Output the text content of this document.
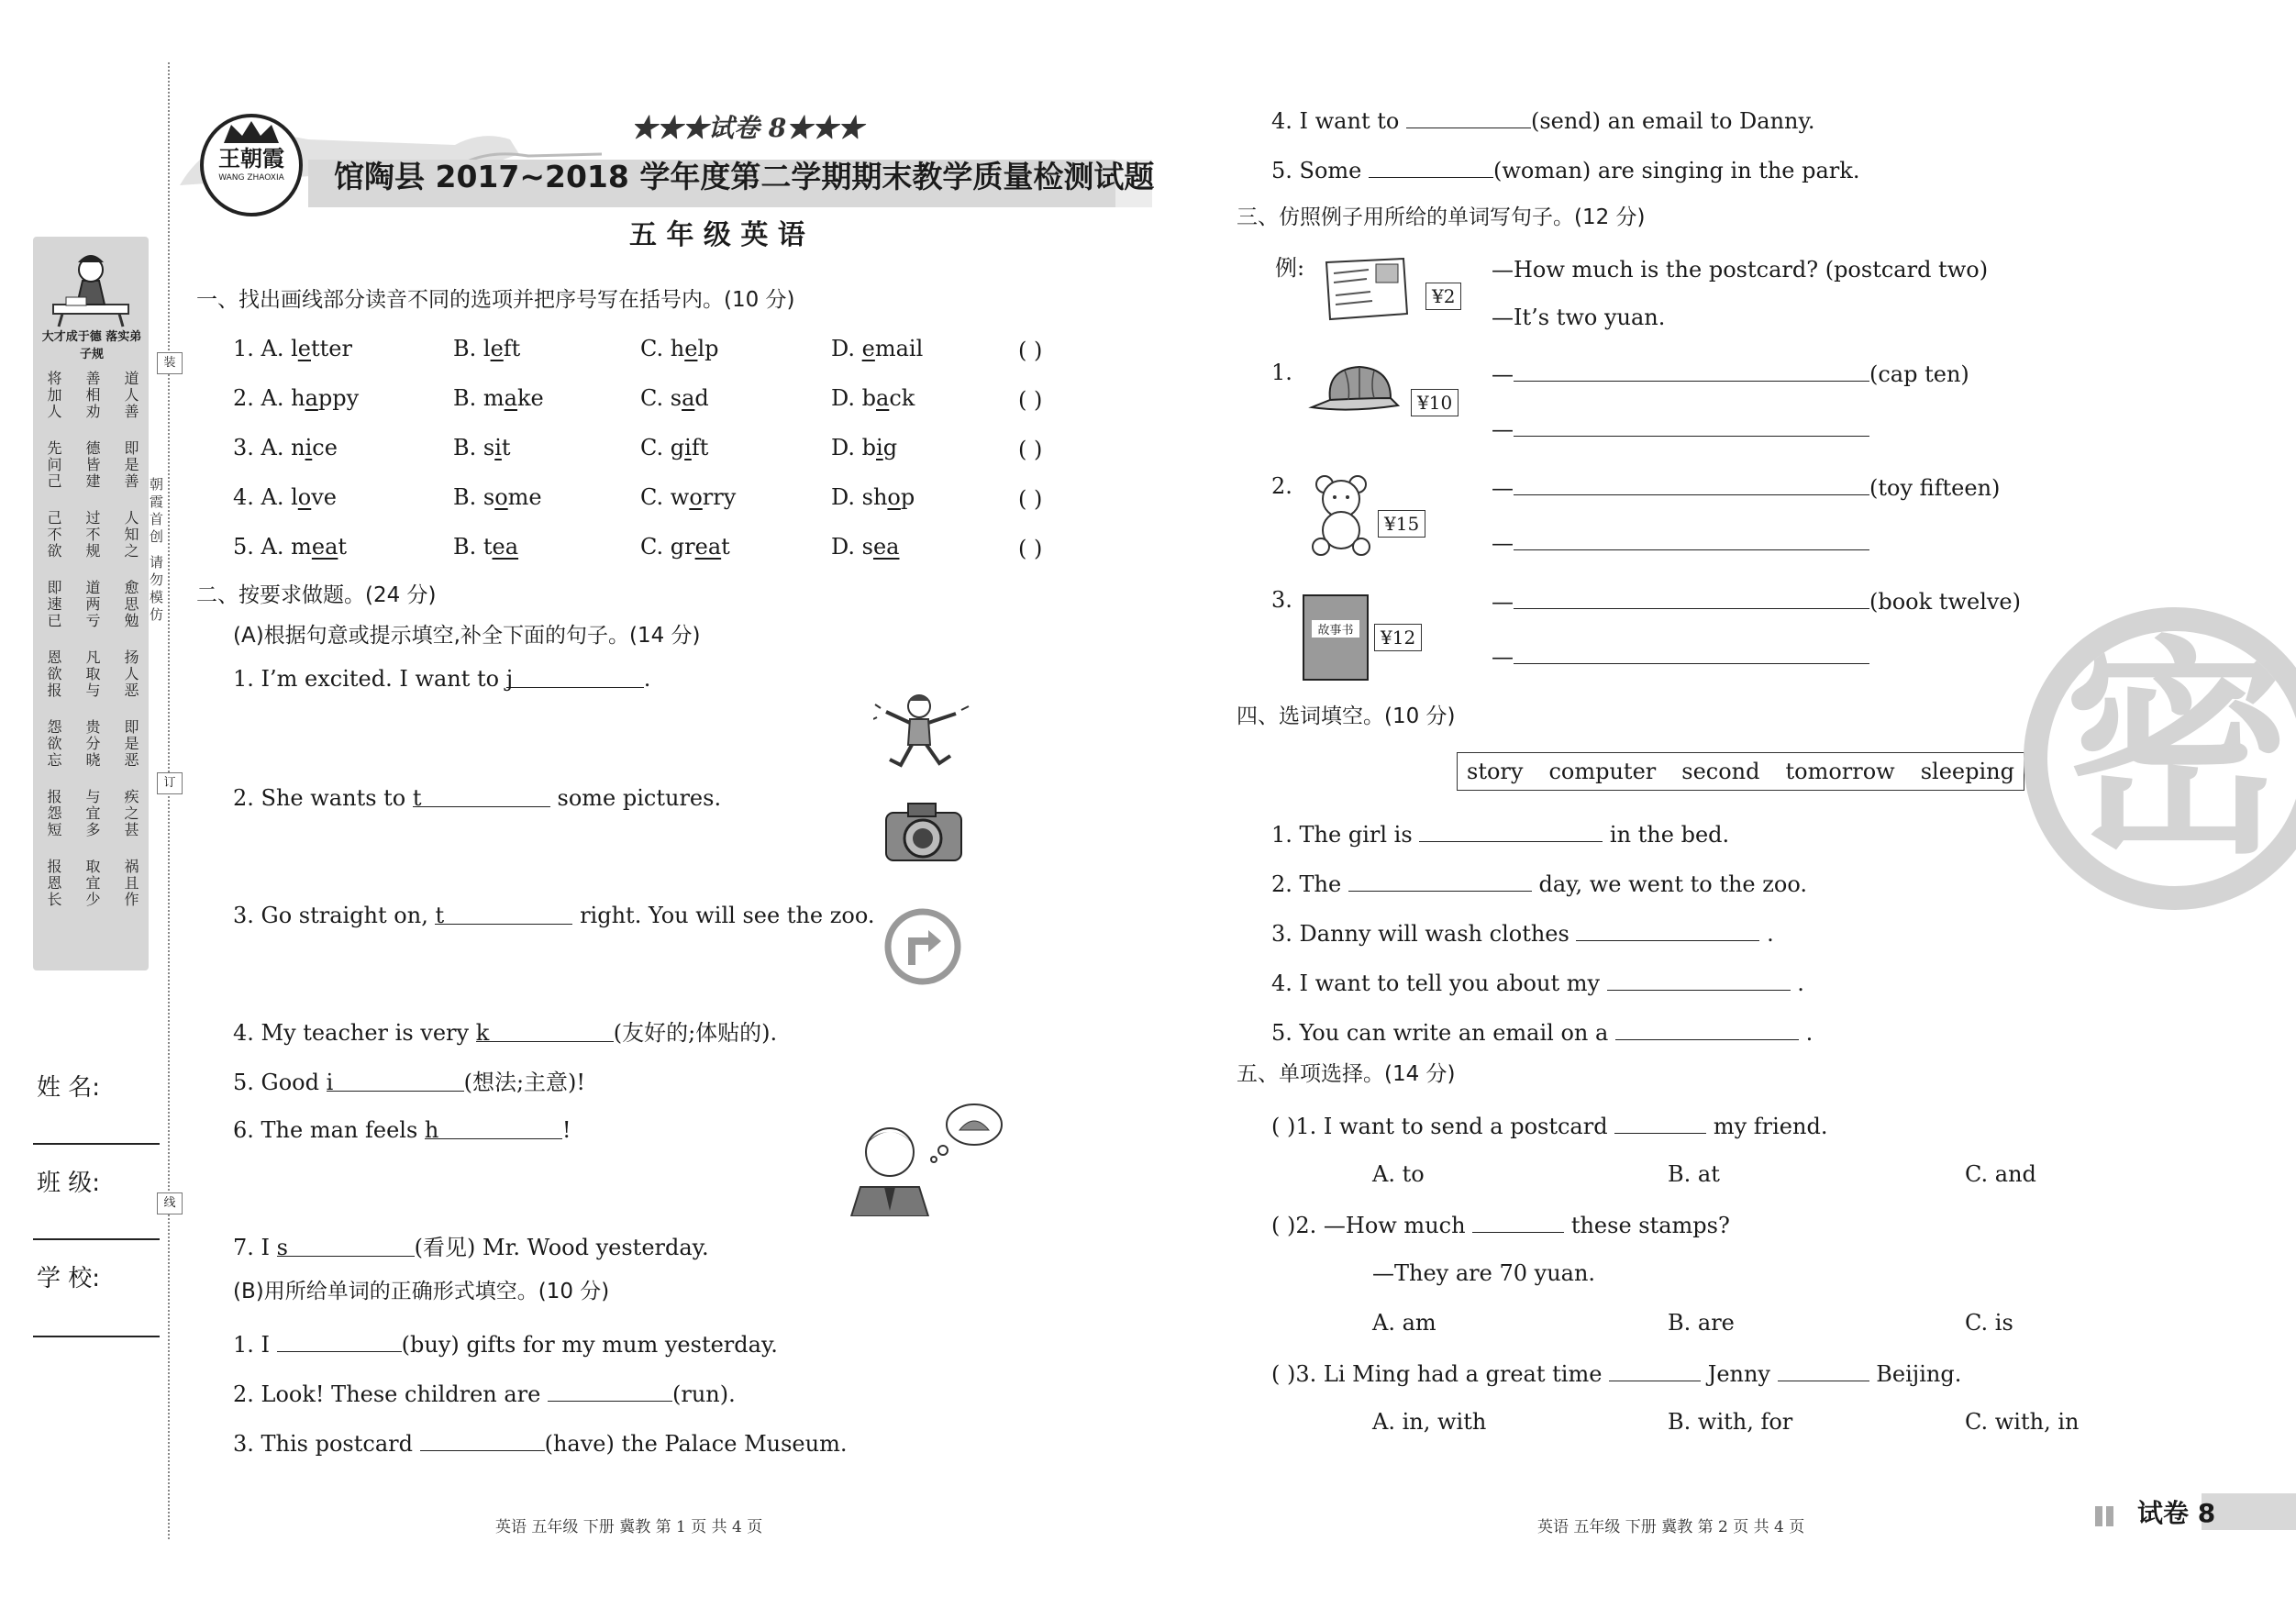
大才成于德 落实弟子规
将加人 善相劝 道人善
先问己 德皆建 即是善
己不欲 过不规 人知之
即速已 道两亏 愈思勉
恩欲报 凡取与 扬人恶
怨欲忘 贵分晓 即是恶
报怨短 与宜多 疾之甚
报恩长 取宜少 祸且作
装
订
线
朝霞首创 请勿模仿
姓 名:
班 级:
学 校:
王朝霞
WANG ZHAOXIA
★★★试卷 8★★★
馆陶县 2017~2018 学年度第二学期期末教学质量检测试题
五 年 级 英 语
一、找出画线部分读音不同的选项并把序号写在括号内。(10 分)
1. A. letter	B. left	C. help	D. email	( )
2. A. happy	B. make	C. sad	D. back	( )
3. A. nice	B. sit	C. gift	D. big	( )
4. A. love	B. some	C. worry	D. shop	( )
5. A. meat	B. tea	C. great	D. sea	( )
二、按要求做题。(24 分)
(A)根据句意或提示填空,补全下面的句子。(14 分)
1. I’m excited. I want to j	.
2. She wants to t	some pictures.
3. Go straight on, t	right. You will see the zoo.
4. My teacher is very k	(友好的;体贴的).
5. Good i	(想法;主意)!
6. The man feels h	!
7. I s	(看见) Mr. Wood yesterday.
(B)用所给单词的正确形式填空。(10 分)
1. I	(buy) gifts for my mum yesterday.
2. Look! These children are	(run).
3. This postcard	(have) the Palace Museum.
4. I want to	(send) an email to Danny.
5. Some	(woman) are singing in the park.
英语 五年级 下册 冀教 第 1 页 共 4 页
三、仿照例子用所给的单词写句子。(12 分)
例:
¥2
—How much is the postcard? (postcard two)
—It’s two yuan.
1.
¥10
—	(cap ten)
—
2.
¥15
—	(toy fifteen)
—
3.
¥12
—	(book twelve)
—
故事书
四、选词填空。(10 分)
story computer second tomorrow sleeping
1. The girl is	in the bed.
2. The	day, we went to the zoo.
3. Danny will wash clothes	.
4. I want to tell you about my	.
5. You can write an email on a	.
五、单项选择。(14 分)
( )1. I want to send a postcard	my friend.
A. to	B. at	C. and
( )2. —How much	these stamps?
—They are 70 yuan.
A. am	B. are	C. is
( )3. Li Ming had a great time	Jenny	Beijing.
A. in, with	B. with, for	C. with, in
密
英语 五年级 下册 冀教 第 2 页 共 4 页	试卷 8
